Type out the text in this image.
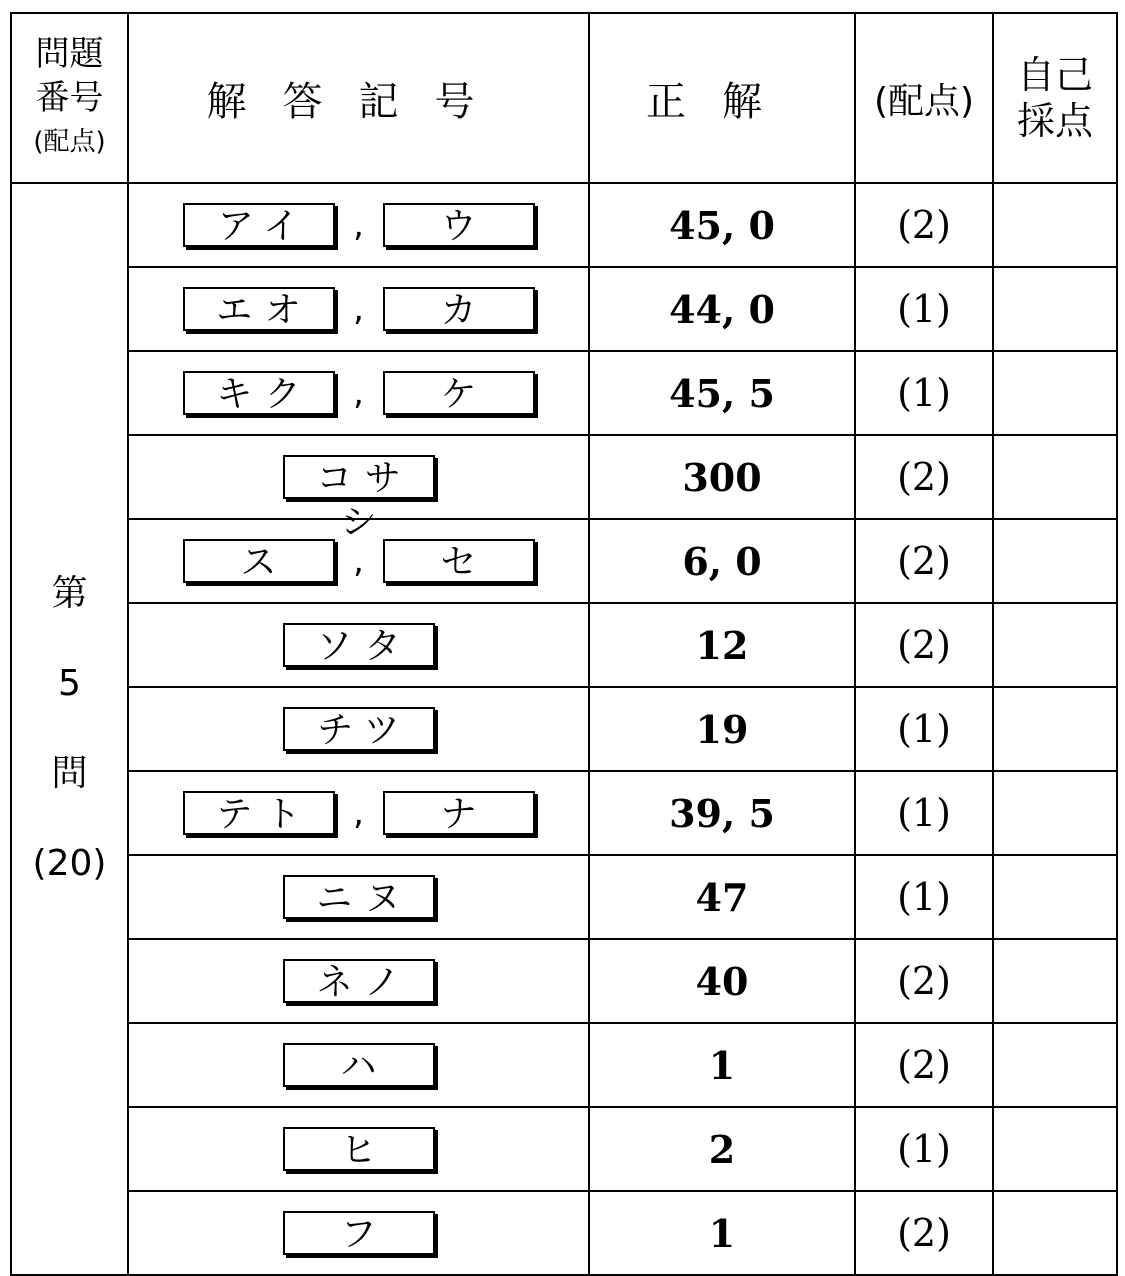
問題
番号
(配点)	解答記号	正解	(配点)	自己
採点

第
5
問
(20)	アイ , ウ	45, 0	(2)	

	エオ , カ	44, 0	(1)	

	キク , ケ	45, 5	(1)	

	コサシ	300	(2)	

	ス , セ	6, 0	(2)	

	ソタ	12	(2)	

	チツ	19	(1)	

	テト , ナ	39, 5	(1)	

	ニヌ	47	(1)	

	ネノ	40	(2)	

	ハ	1	(2)	

	ヒ	2	(1)	

	フ	1	(2)	
